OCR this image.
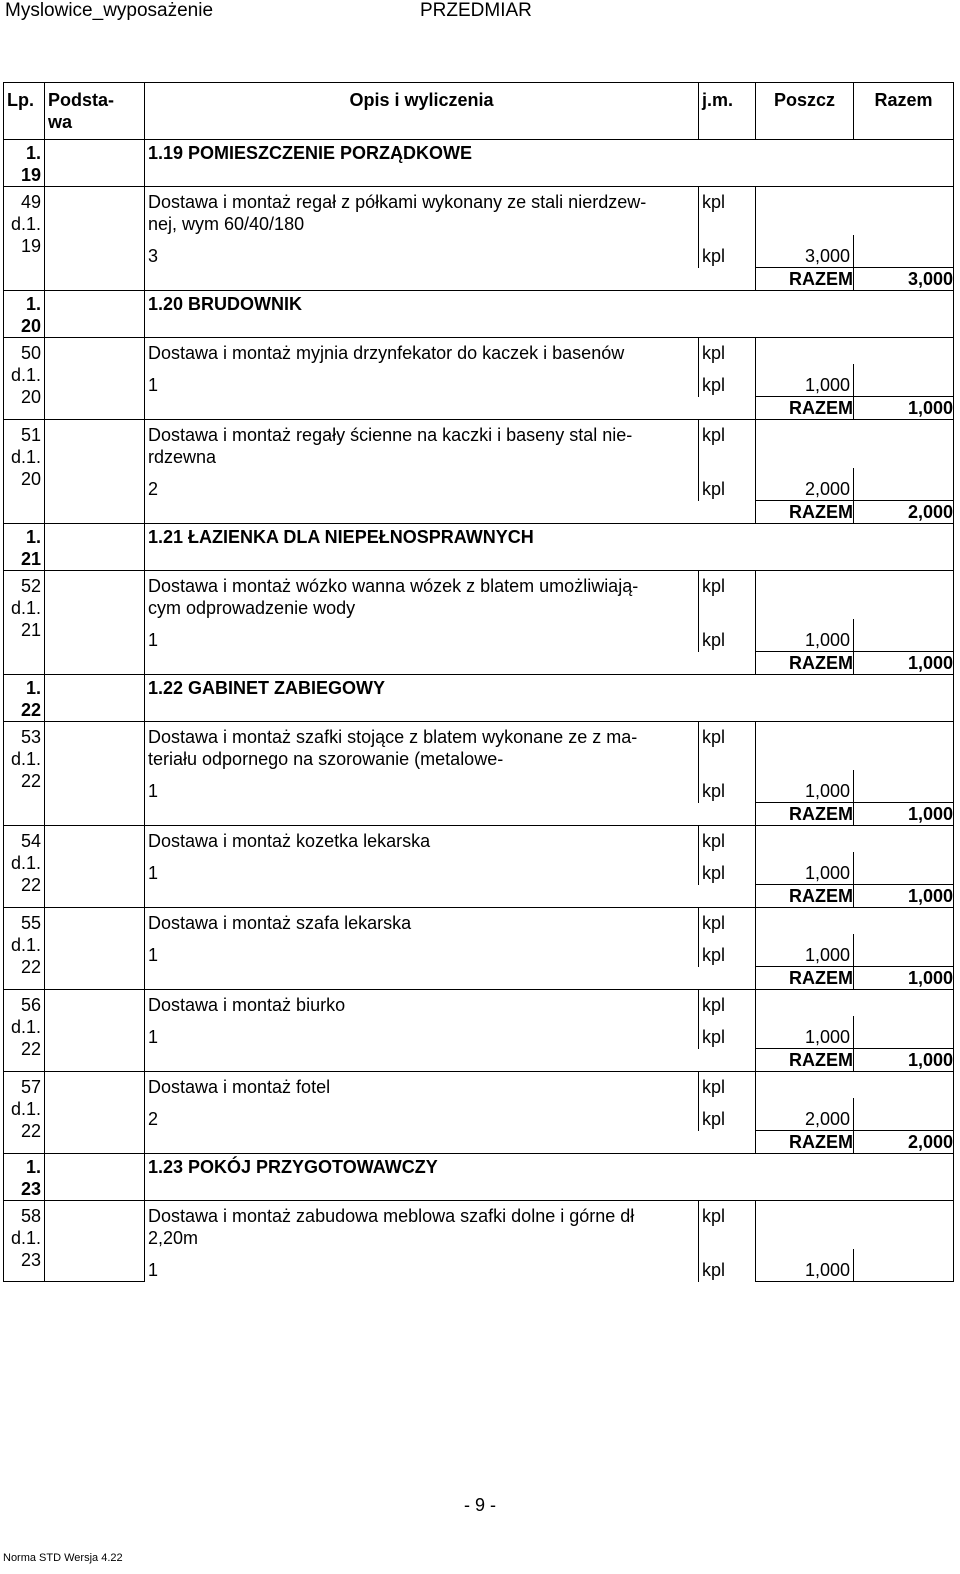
Myslowice_wyposażenie	PRZEDMIAR
Lp.	Podsta-
wa	Opis i wyliczenia	j.m.	Poszcz	Razem
1.
19		1.19 POMIESZCZENIE PORZĄDKOWE			
49
d.1.
19		Dostawa i montaż regał z półkami wykonany ze stali nierdzew-
nej, wym 60/40/180	kpl		
		3	kpl	3,000	
				RAZEM	3,000
1.
20		1.20 BRUDOWNIK			
50
d.1.
20		Dostawa i montaż myjnia drzynfekator do kaczek i basenów	kpl		
		1	kpl	1,000	
				RAZEM	1,000
51
d.1.
20		Dostawa i montaż regały ścienne na kaczki i baseny stal nie-
rdzewna	kpl		
		2	kpl	2,000	
				RAZEM	2,000
1.
21		1.21 ŁAZIENKA DLA NIEPEŁNOSPRAWNYCH			
52
d.1.
21		Dostawa i montaż wózko wanna wózek z blatem umożliwiają-
cym odprowadzenie wody	kpl		
		1	kpl	1,000	
				RAZEM	1,000
1.
22		1.22 GABINET ZABIEGOWY			
53
d.1.
22		Dostawa i montaż szafki stojące z blatem wykonane ze z ma-
teriału odpornego na szorowanie (metalowe-	kpl		
		1	kpl	1,000	
				RAZEM	1,000
54
d.1.
22		Dostawa i montaż kozetka lekarska	kpl		
		1	kpl	1,000	
				RAZEM	1,000
55
d.1.
22		Dostawa i montaż szafa lekarska	kpl		
		1	kpl	1,000	
				RAZEM	1,000
56
d.1.
22		Dostawa i montaż biurko	kpl		
		1	kpl	1,000	
				RAZEM	1,000
57
d.1.
22		Dostawa i montaż fotel	kpl		
		2	kpl	2,000	
				RAZEM	2,000
1.
23		1.23 POKÓJ PRZYGOTOWAWCZY			
58
d.1.
23		Dostawa i montaż zabudowa meblowa szafki dolne i górne dł
2,20m	kpl		
		1	kpl	1,000	
- 9 -
Norma STD Wersja 4.22
